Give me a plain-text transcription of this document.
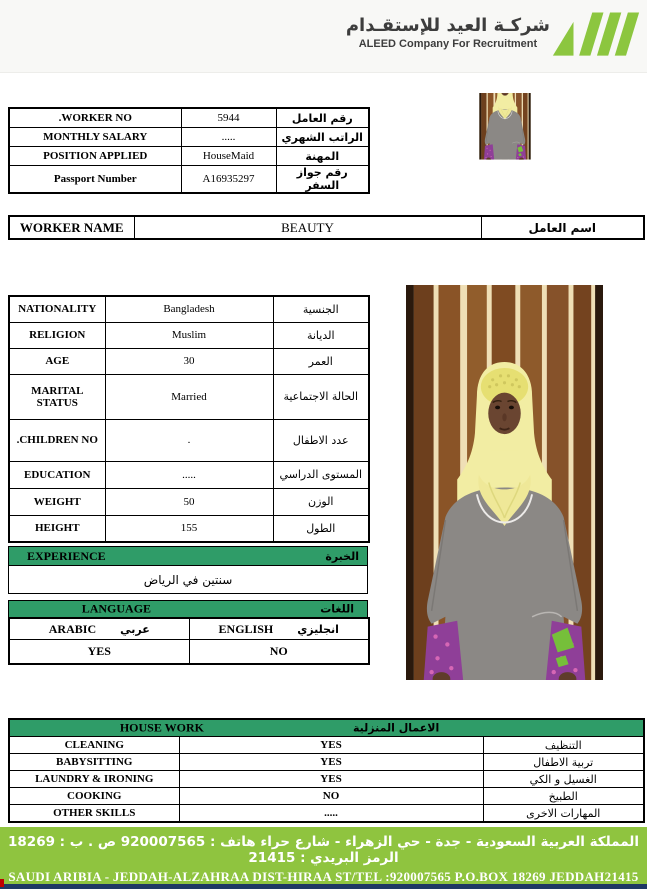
شركـة العيد للإستقـدام
ALEED Company For Recruitment
.WORKER NO	5944	رقم العامل
MONTHLY SALARY	.....	الراتب الشهري
POSITION APPLIED	HouseMaid	المهنة
Passport Number	A16935297	رقم جواز السفر
WORKER NAME	BEAUTY	اسم العامل
NATIONALITY	Bangladesh	الجنسية
RELIGION	Muslim	الديانة
AGE	30	العمر
MARITAL STATUS	Married	الحالة الاجتماعية
.CHILDREN NO	.	عدد الاطفال
EDUCATION	.....	المستوى الدراسي
WEIGHT	50	الوزن
HEIGHT	155	الطول
EXPERIENCE	الخبرة
سنتين في الرياض
LANGUAGE	اللغات
ARABIC عربي	ENGLISH انجليزي

YES	NO
HOUSE WORK الاعمال المنزلية		

CLEANING	YES	التنظيف
BABYSITTING	YES	تربية الاطفال
LAUNDRY & IRONING	YES	الغسيل و الكي
COOKING	NO	الطبيخ
OTHER SKILLS	.....	المهارات الاخرى
المملكة العربية السعودية - جدة - حي الزهراء - شارع حراء هاتف : 920007565 ص . ب : 18269 الرمز البريدي : 21415
SAUDI ARIBIA - JEDDAH-ALZAHRAA DIST-HIRAA ST/TEL :920007565 P.O.BOX 18269 JEDDAH21415
